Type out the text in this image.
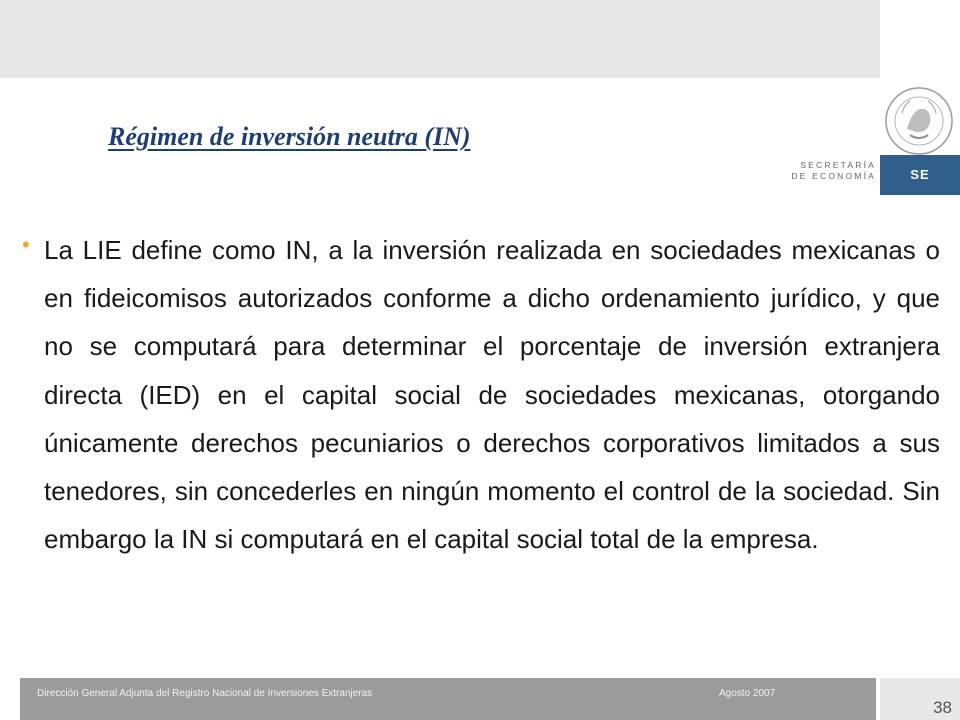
SECRETARÍA
DE ECONOMÍA	SE
Régimen de inversión neutra (IN)
• La LIE define como IN, a la inversión realizada en sociedades mexicanas o en fideicomisos autorizados conforme a dicho ordenamiento jurídico, y que no se computará para determinar el porcentaje de inversión extranjera directa (IED) en el capital social de sociedades mexicanas, otorgando únicamente derechos pecuniarios o derechos corporativos limitados a sus tenedores, sin concederles en ningún momento el control de la sociedad. Sin embargo la IN si computará en el capital social total de la empresa.
Dirección General Adjunta del Registro Nacional de Inversiones Extranjeras	Agosto 2007
38
